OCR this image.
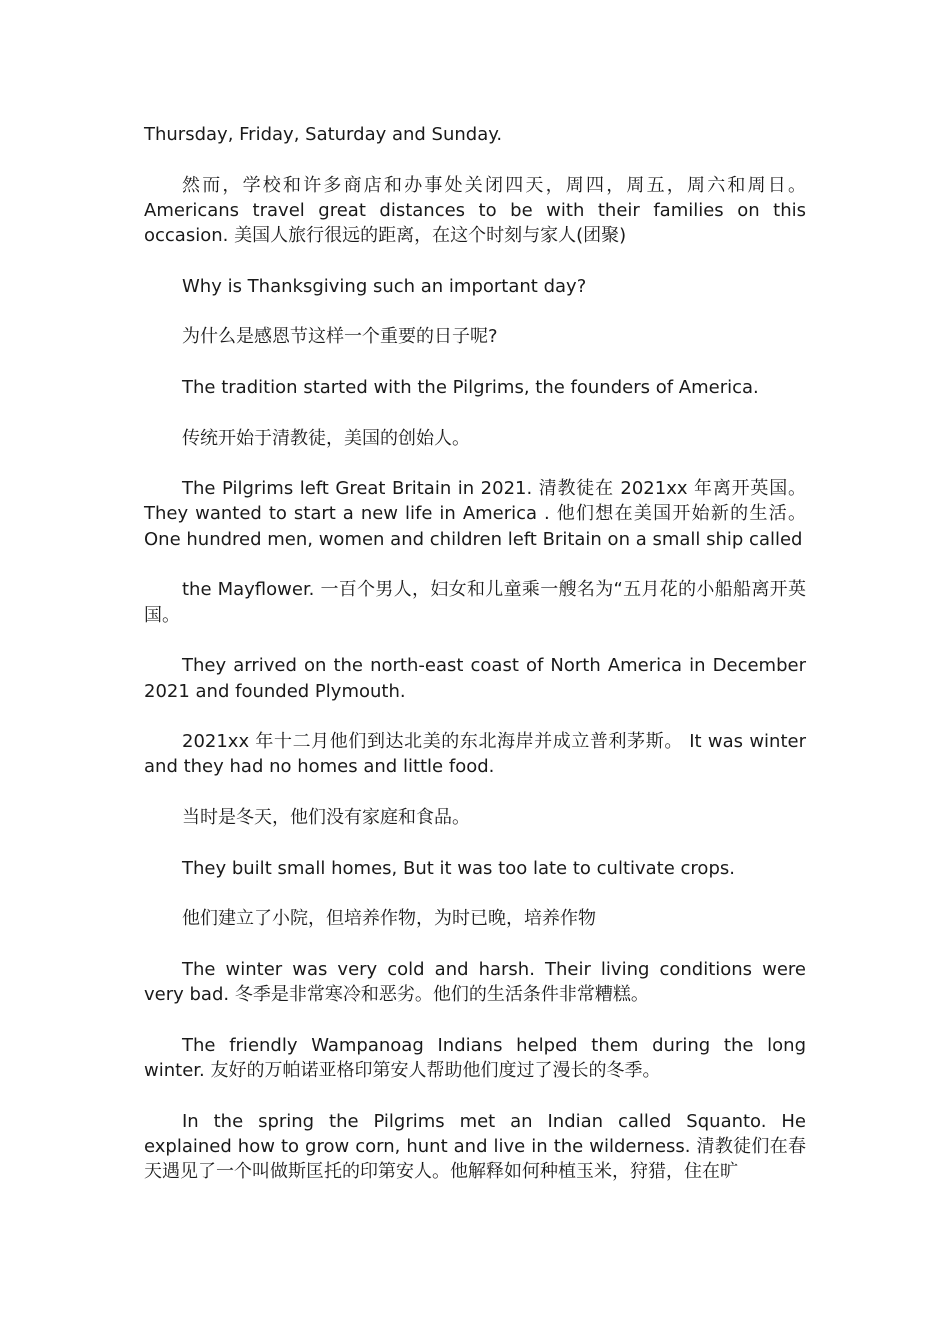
Thursday, Friday, Saturday and Sunday.

然而，学校和许多商店和办事处关闭四天，周四，周五，周六和周日。 Americans travel great distances to be with their families on this occasion. 美国人旅行很远的距离，在这个时刻与家人(团聚)

Why is Thanksgiving such an important day?

为什么是感恩节这样一个重要的日子呢?

The tradition started with the Pilgrims, the founders of America.

传统开始于清教徒，美国的创始人。

The Pilgrims left Great Britain in 2021. 清教徒在 2021xx 年离开英国。 They wanted to start a new life in America . 他们想在美国开始新的生活。 One hundred men, women and children left Britain on a small ship called

the Mayflower. 一百个男人，妇女和儿童乘一艘名为“五月花的小船船离开英国。

They arrived on the north-east coast of North America in December 2021 and founded Plymouth.

2021xx 年十二月他们到达北美的东北海岸并成立普利茅斯。 It was winter and they had no homes and little food.

当时是冬天，他们没有家庭和食品。

They built small homes, But it was too late to cultivate crops.

他们建立了小院，但培养作物，为时已晚，培养作物

The winter was very cold and harsh. Their living conditions were very bad. 冬季是非常寒冷和恶劣。他们的生活条件非常糟糕。

The friendly Wampanoag Indians helped them during the long winter. 友好的万帕诺亚格印第安人帮助他们度过了漫长的冬季。

In the spring the Pilgrims met an Indian called Squanto. He explained how to grow corn, hunt and live in the wilderness. 清教徒们在春天遇见了一个叫做斯匡托的印第安人。他解释如何种植玉米，狩猎，住在旷
